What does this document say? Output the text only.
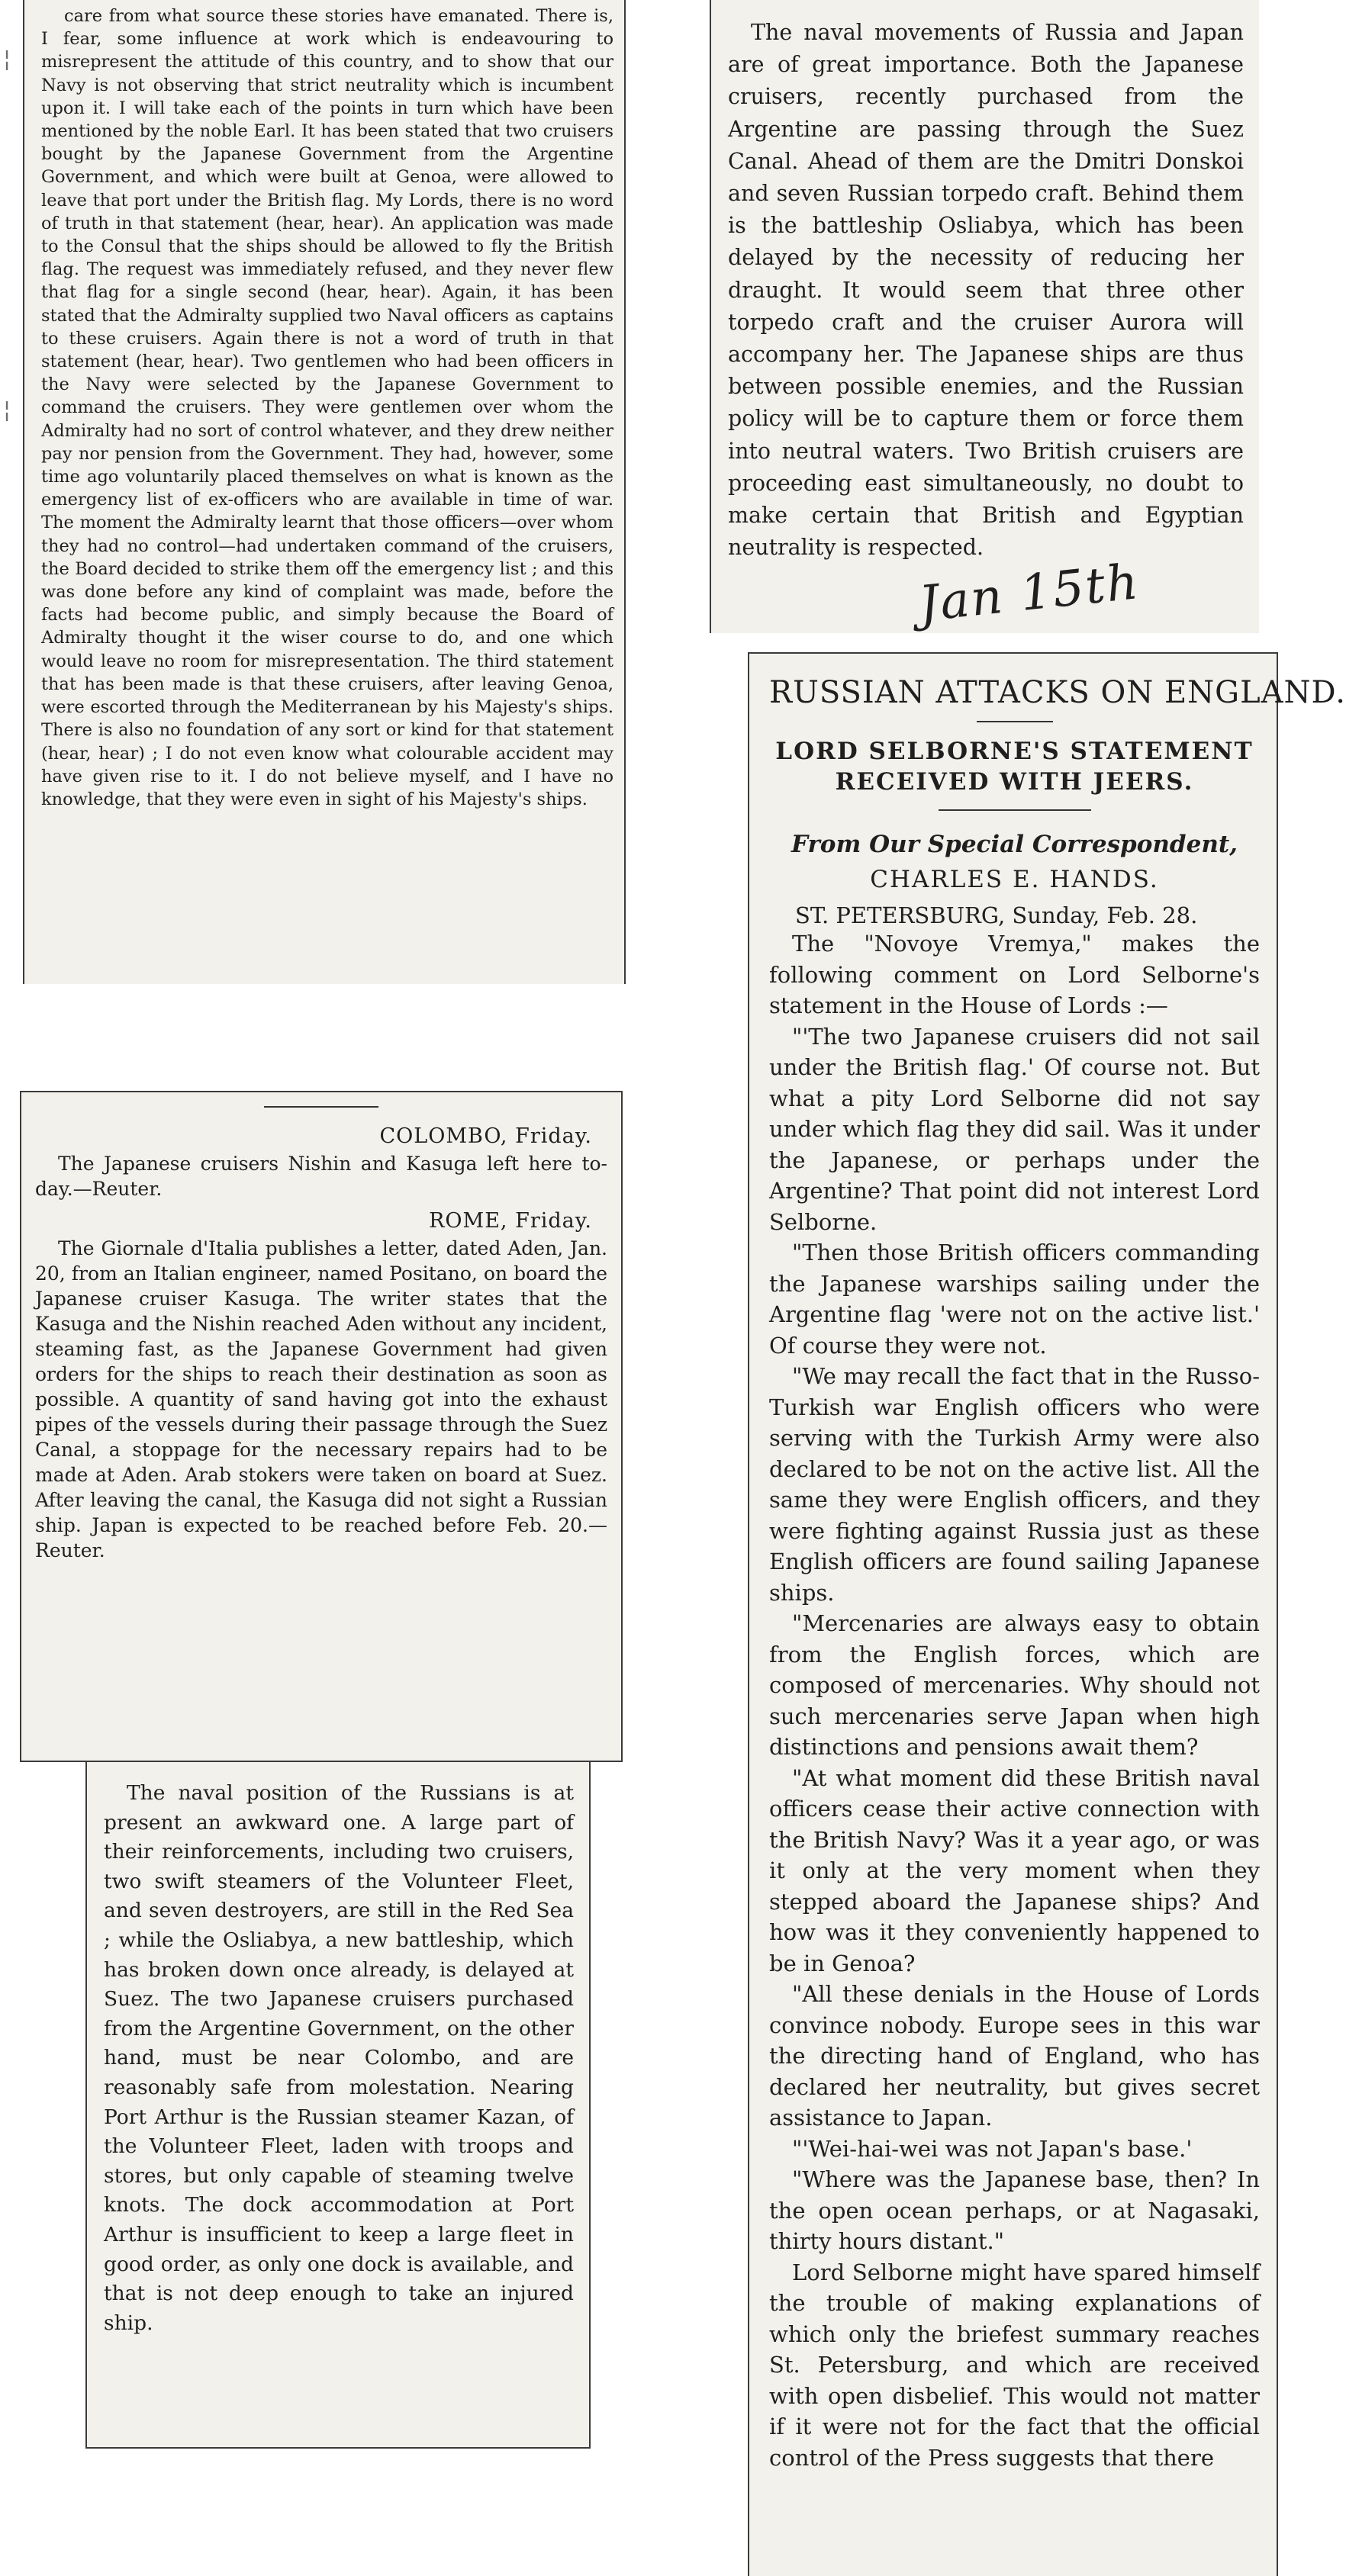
¦
¦

care from what source these stories have emanated. There is, I fear, some influence at work which is endeavouring to misrepresent the attitude of this country, and to show that our Navy is not observing that strict neutrality which is incumbent upon it. I will take each of the points in turn which have been mentioned by the noble Earl. It has been stated that two cruisers bought by the Japanese Government from the Argentine Government, and which were built at Genoa, were allowed to leave that port under the British flag. My Lords, there is no word of truth in that statement (hear, hear). An application was made to the Consul that the ships should be allowed to fly the British flag. The request was immediately refused, and they never flew that flag for a single second (hear, hear). Again, it has been stated that the Admiralty supplied two Naval officers as captains to these cruisers. Again there is not a word of truth in that statement (hear, hear). Two gentlemen who had been officers in the Navy were selected by the Japanese Government to command the cruisers. They were gentlemen over whom the Admiralty had no sort of control whatever, and they drew neither pay nor pension from the Government. They had, however, some time ago voluntarily placed themselves on what is known as the emergency list of ex-officers who are available in time of war. The moment the Admiralty learnt that those officers—over whom they had no control—had undertaken command of the cruisers, the Board decided to strike them off the emergency list ; and this was done before any kind of complaint was made, before the facts had become public, and simply because the Board of Admiralty thought it the wiser course to do, and one which would leave no room for misrepresentation. The third statement that has been made is that these cruisers, after leaving Genoa, were escorted through the Mediterranean by his Majesty's ships. There is also no foundation of any sort or kind for that statement (hear, hear) ; I do not even know what colourable accident may have given rise to it. I do not believe myself, and I have no knowledge, that they were even in sight of his Majesty's ships.

COLOMBO, Friday.

The Japanese cruisers Nishin and Kasuga left here to-day.—Reuter.

ROME, Friday.

The Giornale d'Italia publishes a letter, dated Aden, Jan. 20, from an Italian engineer, named Positano, on board the Japanese cruiser Kasuga. The writer states that the Kasuga and the Nishin reached Aden without any incident, steaming fast, as the Japanese Government had given orders for the ships to reach their destination as soon as possible. A quantity of sand having got into the exhaust pipes of the vessels during their passage through the Suez Canal, a stoppage for the necessary repairs had to be made at Aden. Arab stokers were taken on board at Suez. After leaving the canal, the Kasuga did not sight a Russian ship. Japan is expected to be reached before Feb. 20.—Reuter.

The naval position of the Russians is at present an awkward one. A large part of their reinforcements, including two cruisers, two swift steamers of the Volunteer Fleet, and seven destroyers, are still in the Red Sea ; while the Osliabya, a new battleship, which has broken down once already, is delayed at Suez. The two Japanese cruisers purchased from the Argentine Government, on the other hand, must be near Colombo, and are reasonably safe from molestation. Nearing Port Arthur is the Russian steamer Kazan, of the Volunteer Fleet, laden with troops and stores, but only capable of steaming twelve knots. The dock accommodation at Port Arthur is insufficient to keep a large fleet in good order, as only one dock is available, and that is not deep enough to take an injured ship.

The naval movements of Russia and Japan are of great importance. Both the Japanese cruisers, recently purchased from the Argentine are passing through the Suez Canal. Ahead of them are the Dmitri Donskoi and seven Russian torpedo craft. Behind them is the battleship Osliabya, which has been delayed by the necessity of reducing her draught. It would seem that three other torpedo craft and the cruiser Aurora will accompany her. The Japanese ships are thus between possible enemies, and the Russian policy will be to capture them or force them into neutral waters. Two British cruisers are proceeding east simultaneously, no doubt to make certain that British and Egyptian neutrality is respected.

Jan 15th
RUSSIAN ATTACKS ON ENGLAND.
LORD SELBORNE'S STATEMENT RECEIVED WITH JEERS.
From Our Special Correspondent,
CHARLES E. HANDS.
ST. PETERSBURG, Sunday, Feb. 28.

The "Novoye Vremya," makes the following comment on Lord Selborne's statement in the House of Lords :—

"'The two Japanese cruisers did not sail under the British flag.' Of course not. But what a pity Lord Selborne did not say under which flag they did sail. Was it under the Japanese, or perhaps under the Argentine? That point did not interest Lord Selborne.

"Then those British officers commanding the Japanese warships sailing under the Argentine flag 'were not on the active list.' Of course they were not.

"We may recall the fact that in the Russo-Turkish war English officers who were serving with the Turkish Army were also declared to be not on the active list. All the same they were English officers, and they were fighting against Russia just as these English officers are found sailing Japanese ships.

"Mercenaries are always easy to obtain from the English forces, which are composed of mercenaries. Why should not such mercenaries serve Japan when high distinctions and pensions await them?

"At what moment did these British naval officers cease their active connection with the British Navy? Was it a year ago, or was it only at the very moment when they stepped aboard the Japanese ships? And how was it they conveniently happened to be in Genoa?

"All these denials in the House of Lords convince nobody. Europe sees in this war the directing hand of England, who has declared her neutrality, but gives secret assistance to Japan.

"'Wei-hai-wei was not Japan's base.'

"Where was the Japanese base, then? In the open ocean perhaps, or at Nagasaki, thirty hours distant."

Lord Selborne might have spared himself the trouble of making explanations of which only the briefest summary reaches St. Petersburg, and which are received with open disbelief. This would not matter if it were not for the fact that the official control of the Press suggests that there
